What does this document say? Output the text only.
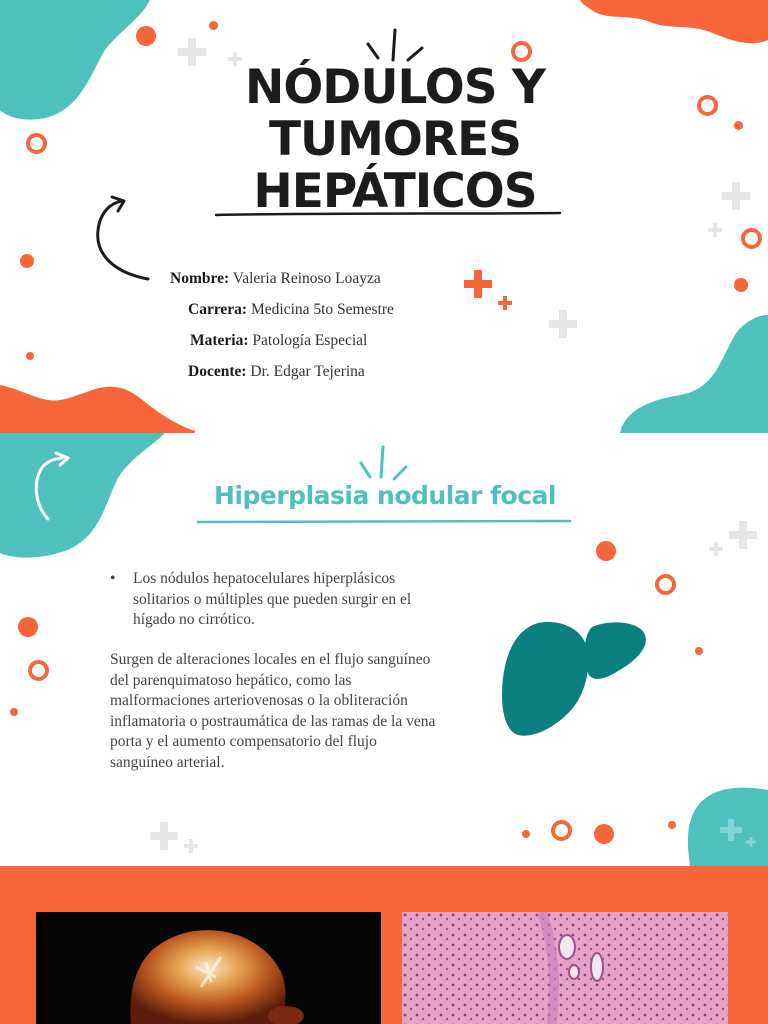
NÓDULOS Y
TUMORES
HEPÁTICOS
Nombre: Valeria Reinoso Loayza
Carrera: Medicina 5to Semestre
Materia: Patología Especial
Docente: Dr. Edgar Tejerina
Hiperplasia nodular focal
• Los nódulos hepatocelulares hiperplásicos solitarios o múltiples que pueden surgir en el hígado no cirrótico.
Surgen de alteraciones locales en el flujo sanguíneo del parenquimatoso hepático, como las malformaciones arteriovenosas o la obliteración inflamatoria o postraumática de las ramas de la vena porta y el aumento compensatorio del flujo sanguíneo arterial.
